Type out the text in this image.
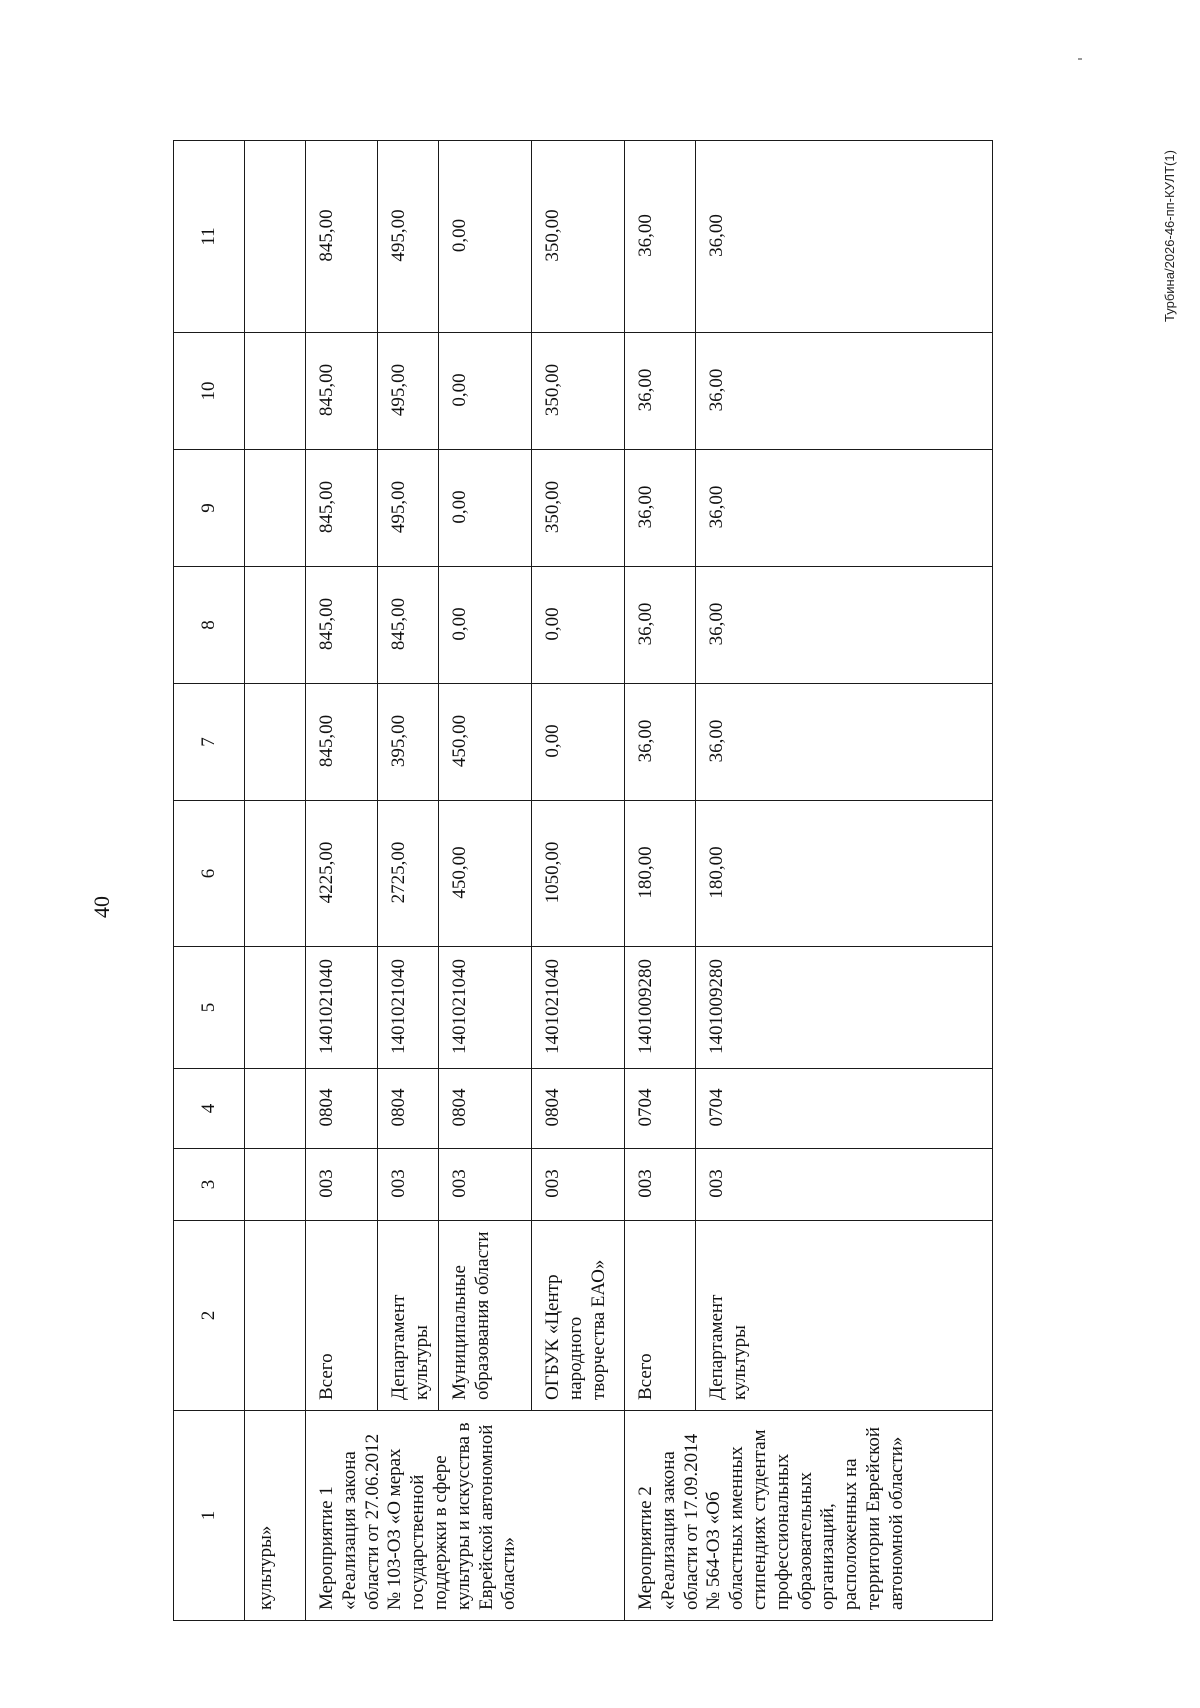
40
Турбина/2026-46-пп-КУЛТ(1)
1	2	3	4	5	6	7	8	9	10	11
культуры»										
Мероприятие 1 «Реализация закона области от 27.06.2012 № 103-ОЗ «О мерах государственной поддержки в сфере культуры и искусства в Еврейской автономной области»	Всего	003	0804	1401021040	4225,00	845,00	845,00	845,00	845,00	845,00
	Департамент культуры	003	0804	1401021040	2725,00	395,00	845,00	495,00	495,00	495,00
	Муниципальные образования области	003	0804	1401021040	450,00	450,00	0,00	0,00	0,00	0,00
	ОГБУК «Центр народного творчества ЕАО»	003	0804	1401021040	1050,00	0,00	0,00	350,00	350,00	350,00
Мероприятие 2 «Реализация закона области от 17.09.2014 № 564-ОЗ «Об областных именных стипендиях студентам профессиональных образовательных организаций, расположенных на территории Еврейской автономной области»	Всего	003	0704	1401009280	180,00	36,00	36,00	36,00	36,00	36,00
	Департамент культуры	003	0704	1401009280	180,00	36,00	36,00	36,00	36,00	36,00
